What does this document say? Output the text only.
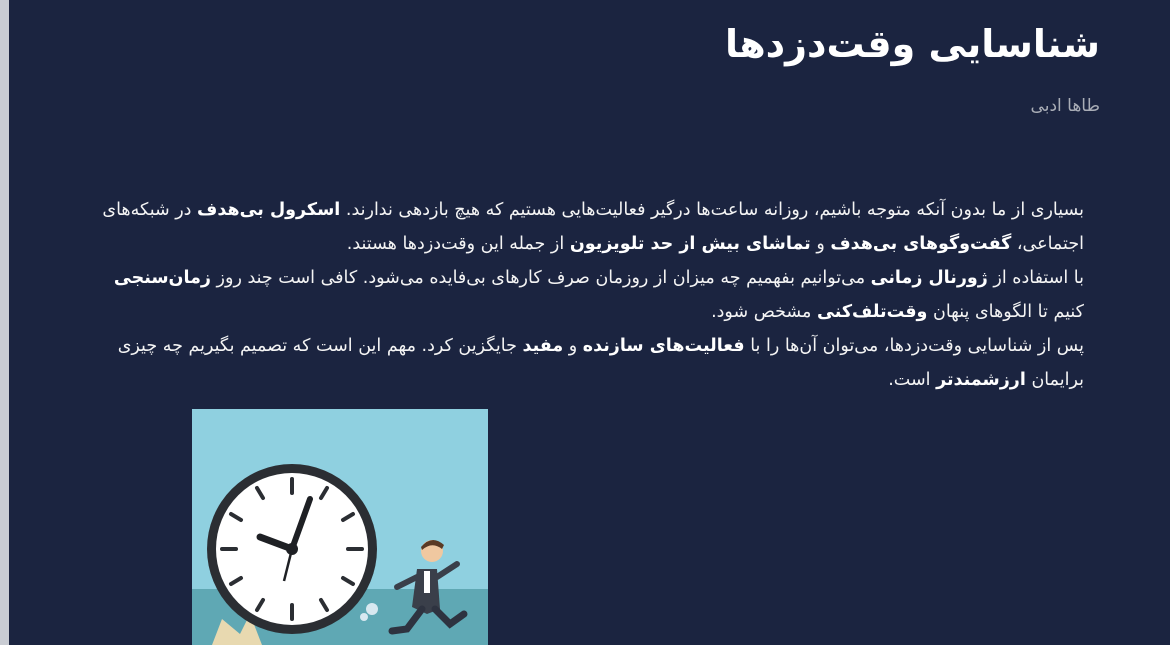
شناسایی وقت‌دزدها
طاها ادبی

بسیاری از ما بدون آنکه متوجه باشیم، روزانه ساعت‌ها درگیر فعالیت‌هایی هستیم که هیچ بازدهی ندارند. اسکرول بی‌هدف در شبکه‌های اجتماعی، گفت‌وگوهای بی‌هدف و تماشای بیش از حد تلویزیون از جمله این وقت‌دزدها هستند.

با استفاده از ژورنال زمانی می‌توانیم بفهمیم چه میزان از روزمان صرف کارهای بی‌فایده می‌شود. کافی است چند روز زمان‌سنجی کنیم تا الگوهای پنهان وقت‌تلف‌کنی مشخص شود.

پس از شناسایی وقت‌دزدها، می‌توان آن‌ها را با فعالیت‌های سازنده و مفید جایگزین کرد. مهم این است که تصمیم بگیریم چه چیزی برایمان ارزشمندتر است.
